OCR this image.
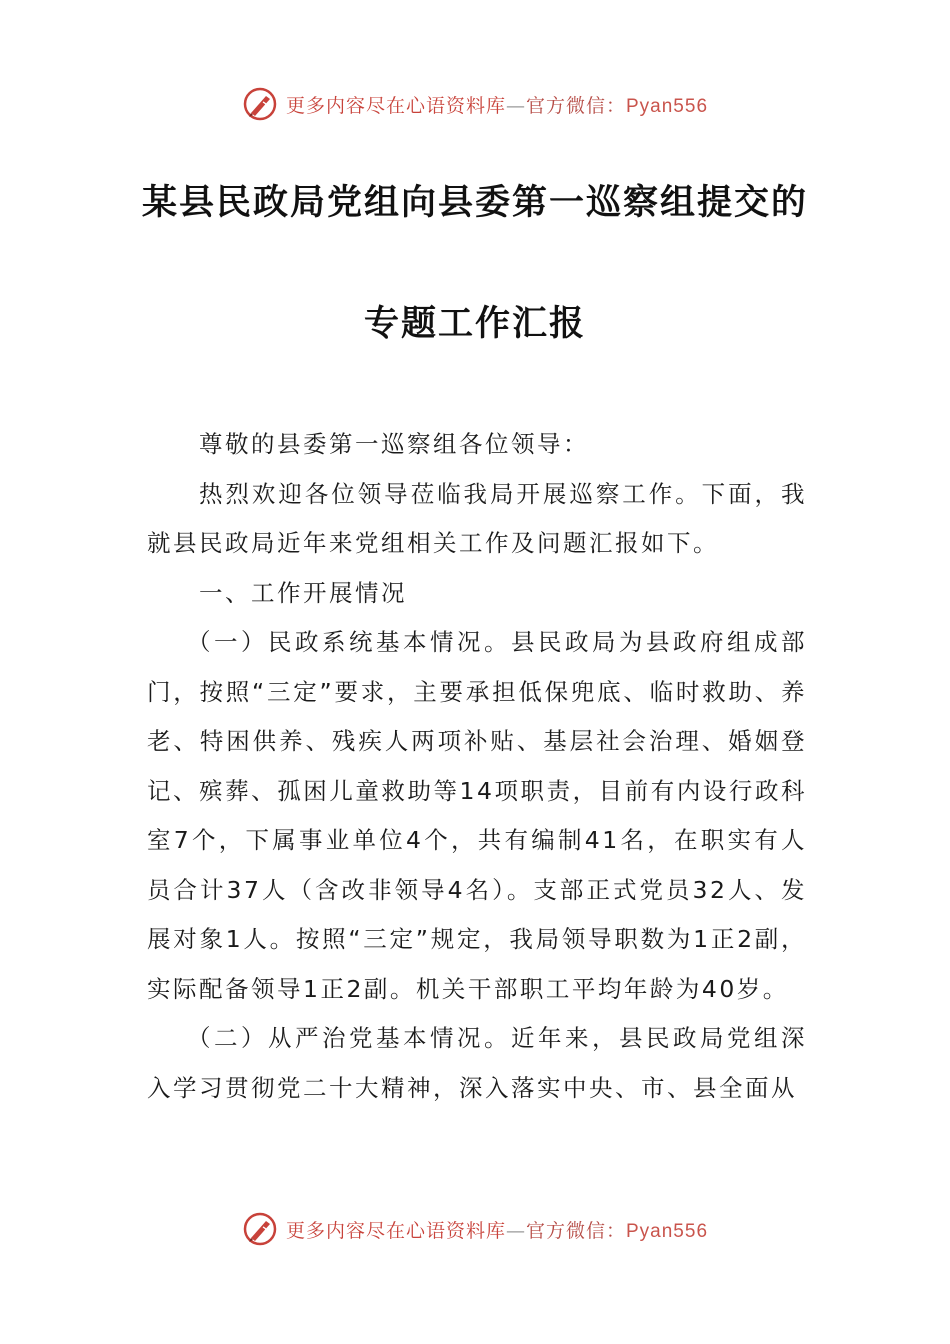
更多内容尽在心语资料库—官方微信：Pyan556
某县民政局党组向县委第一巡察组提交的
专题工作汇报

尊敬的县委第一巡察组各位领导：

热烈欢迎各位领导莅临我局开展巡察工作。下面，我就县民政局近年来党组相关工作及问题汇报如下。

一、工作开展情况

（一）民政系统基本情况。县民政局为县政府组成部门，按照“三定”要求，主要承担低保兜底、临时救助、养老、特困供养、残疾人两项补贴、基层社会治理、婚姻登记、殡葬、孤困儿童救助等14项职责，目前有内设行政科室7个，下属事业单位4个，共有编制41名，在职实有人员合计37人（含改非领导4名）。支部正式党员32人、发展对象1人。按照“三定”规定，我局领导职数为1正2副，实际配备领导1正2副。机关干部职工平均年龄为40岁。

（二）从严治党基本情况。近年来，县民政局党组深入学习贯彻党二十大精神，深入落实中央、市、县全面从

更多内容尽在心语资料库—官方微信：Pyan556
